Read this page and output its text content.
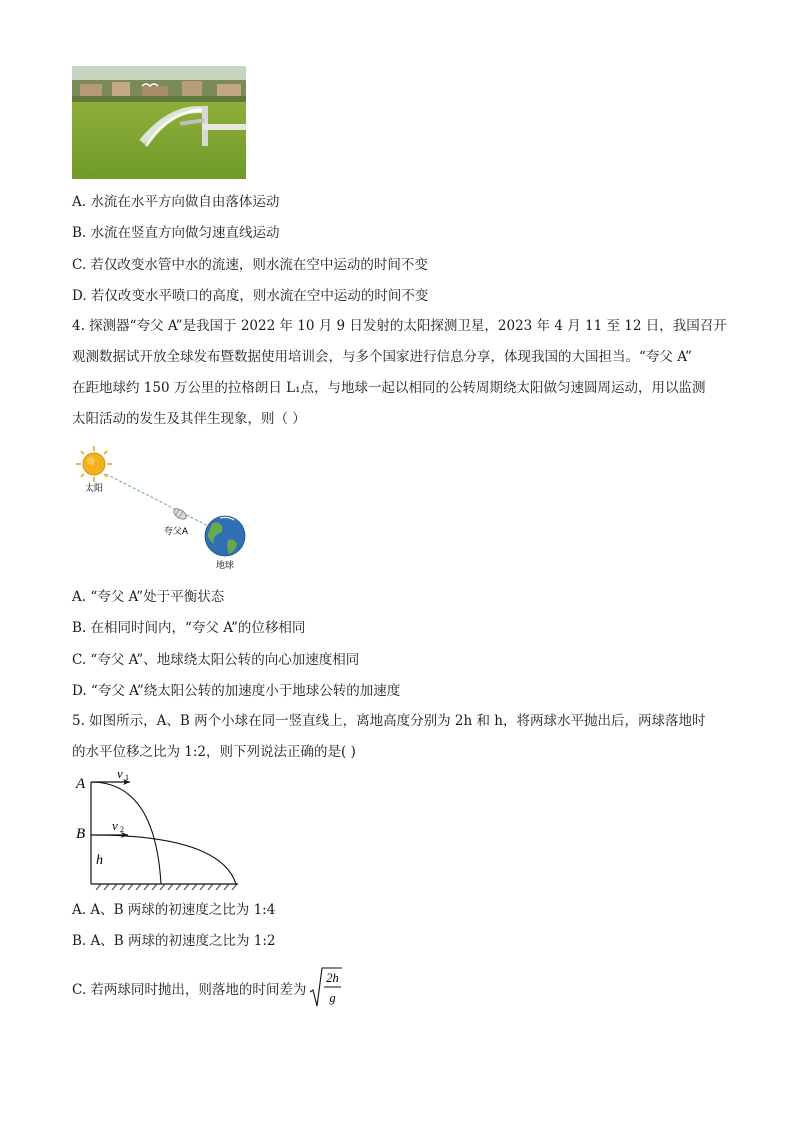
A. 水流在水平方向做自由落体运动
B. 水流在竖直方向做匀速直线运动
C. 若仅改变水管中水的流速，则水流在空中运动的时间不变
D. 若仅改变水平喷口的高度，则水流在空中运动的时间不变
4. 探测器“夸父 A”是我国于 2022 年 10 月 9 日发射的太阳探测卫星，2023 年 4 月 11 至 12 日，我国召开
观测数据试开放全球发布暨数据使用培训会，与多个国家进行信息分享，体现我国的大国担当。“夸父 A”
在距地球约 150 万公里的拉格朗日 L₁点，与地球一起以相同的公转周期绕太阳做匀速圆周运动，用以监测
太阳活动的发生及其伴生现象，则（ ）
太阳
夸父A
地球
A. “夸父 A”处于平衡状态
B. 在相同时间内，“夸父 A”的位移相同
C. “夸父 A”、地球绕太阳公转的向心加速度相同
D. “夸父 A”绕太阳公转的加速度小于地球公转的加速度
5. 如图所示，A、B 两个小球在同一竖直线上，离地高度分别为 2h 和 h，将两球水平抛出后，两球落地时
的水平位移之比为 1:2，则下列说法正确的是( )
A
B
v 1
v 2
h
A. A、B 两球的初速度之比为 1:4
B. A、B 两球的初速度之比为 1:2
C. 若两球同时抛出，则落地的时间差为
2h
g
